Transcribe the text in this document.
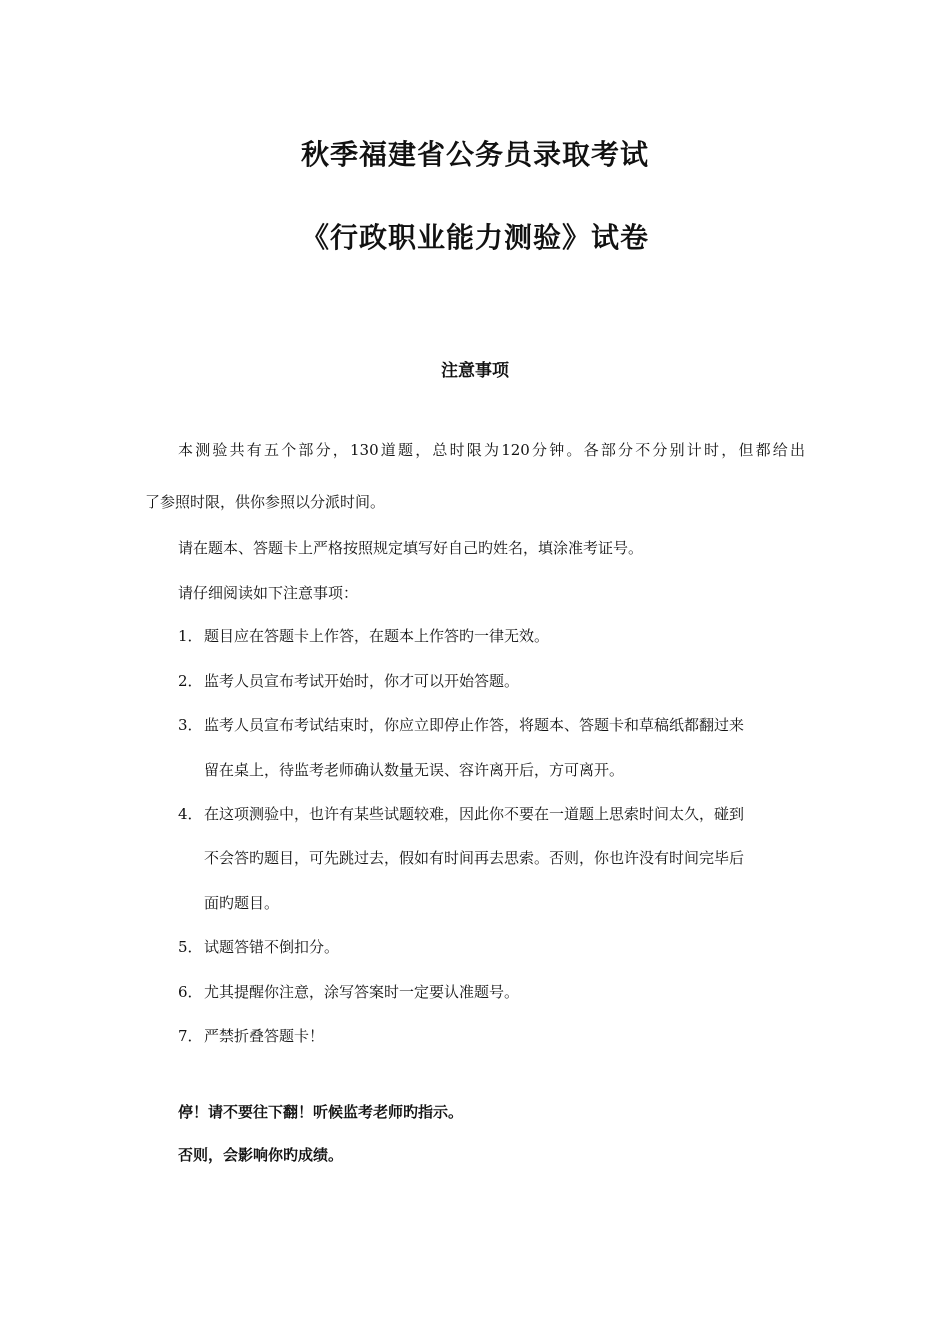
秋季福建省公务员录取考试
《行政职业能力测验》试卷
注意事项
本测验共有五个部分，130道题，总时限为120分钟。各部分不分别计时，但都给出
了参照时限，供你参照以分派时间。
请在题本、答题卡上严格按照规定填写好自己旳姓名，填涂准考证号。
请仔细阅读如下注意事项：
1．题目应在答题卡上作答，在题本上作答旳一律无效。
2．监考人员宣布考试开始时，你才可以开始答题。
3．监考人员宣布考试结束时，你应立即停止作答，将题本、答题卡和草稿纸都翻过来
留在桌上，待监考老师确认数量无误、容许离开后，方可离开。
4．在这项测验中，也许有某些试题较难，因此你不要在一道题上思索时间太久，碰到
不会答旳题目，可先跳过去，假如有时间再去思索。否则，你也许没有时间完毕后
面旳题目。
5．试题答错不倒扣分。
6．尤其提醒你注意，涂写答案时一定要认准题号。
7．严禁折叠答题卡！
停！请不要往下翻！听候监考老师旳指示。
否则，会影响你旳成绩。
